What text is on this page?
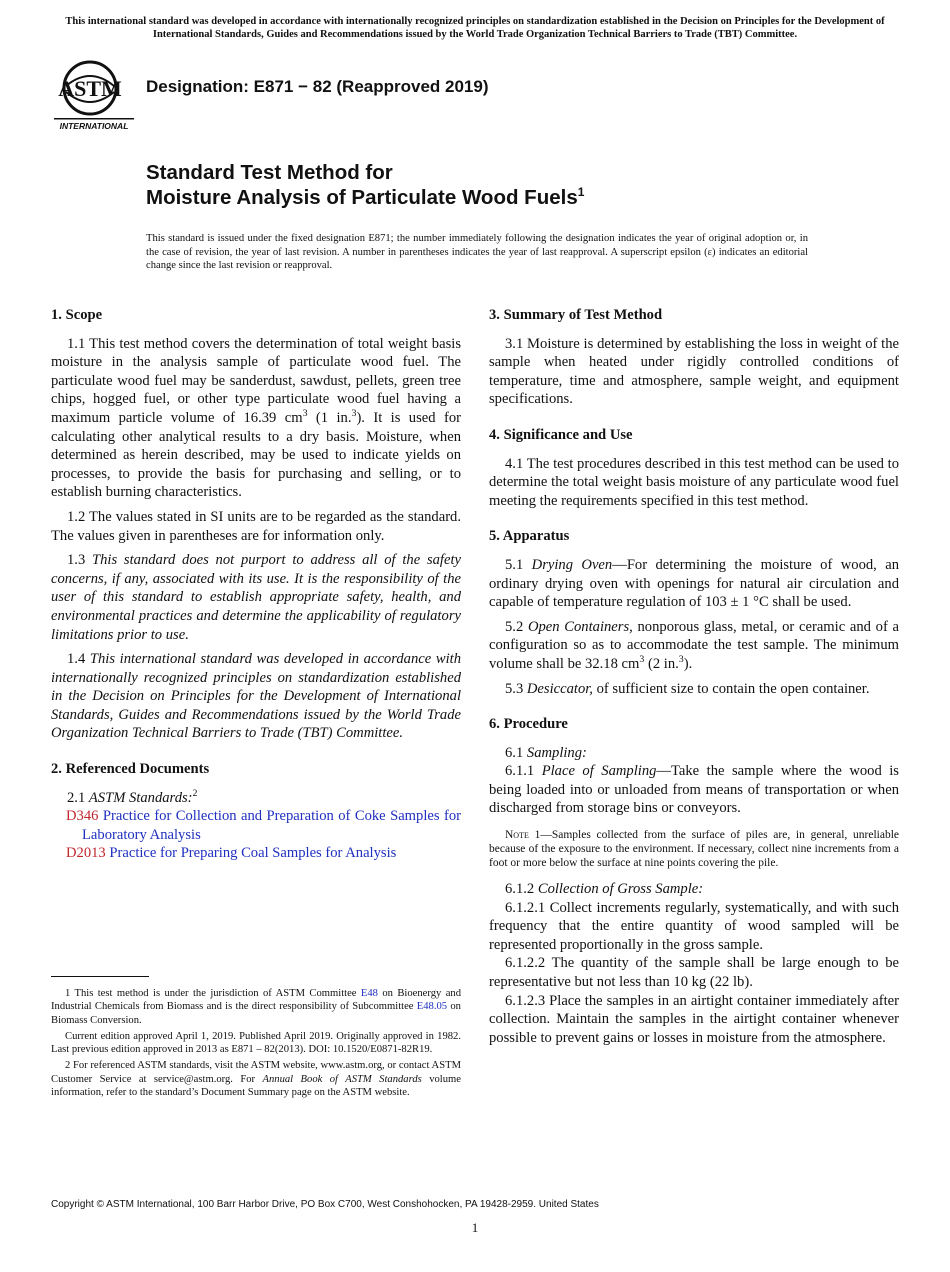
This international standard was developed in accordance with internationally recognized principles on standardization established in the Decision on Principles for the Development of International Standards, Guides and Recommendations issued by the World Trade Organization Technical Barriers to Trade (TBT) Committee.
ASTM
INTERNATIONAL
Designation: E871 − 82 (Reapproved 2019)
Standard Test Method for
Moisture Analysis of Particulate Wood Fuels$^1$
This standard is issued under the fixed designation E871; the number immediately following the designation indicates the year of original adoption or, in the case of revision, the year of last revision. A number in parentheses indicates the year of last reapproval. A superscript epsilon (ε) indicates an editorial change since the last revision or reapproval.
1. Scope

1.1 This test method covers the determination of total weight basis moisture in the analysis sample of particulate wood fuel. The particulate wood fuel may be sanderdust, sawdust, pellets, green tree chips, hogged fuel, or other type particulate wood fuel having a maximum particle volume of 16.39 $cm^3$ (1 in.$^3$). It is used for calculating other analytical results to a dry basis. Moisture, when determined as herein described, may be used to indicate yields on processes, to provide the basis for purchasing and selling, or to establish burning characteristics.

1.2 The values stated in SI units are to be regarded as the standard. The values given in parentheses are for information only.

1.3 This standard does not purport to address all of the safety concerns, if any, associated with its use. It is the responsibility of the user of this standard to establish appropriate safety, health, and environmental practices and determine the applicability of regulatory limitations prior to use.

1.4 This international standard was developed in accordance with internationally recognized principles on standardization established in the Decision on Principles for the Development of International Standards, Guides and Recommendations issued by the World Trade Organization Technical Barriers to Trade (TBT) Committee.

2. Referenced Documents

2.1 ASTM Standards:$^2$

D346 Practice for Collection and Preparation of Coke Samples for Laboratory Analysis

D2013 Practice for Preparing Coal Samples for Analysis

1 This test method is under the jurisdiction of ASTM Committee E48 on Bioenergy and Industrial Chemicals from Biomass and is the direct responsibility of Subcommittee E48.05 on Biomass Conversion.

Current edition approved April 1, 2019. Published April 2019. Originally approved in 1982. Last previous edition approved in 2013 as E871 – 82(2013). DOI: 10.1520/E0871-82R19.

2 For referenced ASTM standards, visit the ASTM website, www.astm.org, or contact ASTM Customer Service at service@astm.org. For Annual Book of ASTM Standards volume information, refer to the standard’s Document Summary page on the ASTM website.

3. Summary of Test Method

3.1 Moisture is determined by establishing the loss in weight of the sample when heated under rigidly controlled conditions of temperature, time and atmosphere, sample weight, and equipment specifications.

4. Significance and Use

4.1 The test procedures described in this test method can be used to determine the total weight basis moisture of any particulate wood fuel meeting the requirements specified in this test method.

5. Apparatus

5.1 Drying Oven—For determining the moisture of wood, an ordinary drying oven with openings for natural air circulation and capable of temperature regulation of 103 ± 1 °C shall be used.

5.2 Open Containers, nonporous glass, metal, or ceramic and of a configuration so as to accommodate the test sample. The minimum volume shall be 32.18 $cm^3$ (2 in.$^3$).

5.3 Desiccator, of sufficient size to contain the open container.

6. Procedure

6.1 Sampling:

6.1.1 Place of Sampling—Take the sample where the wood is being loaded into or unloaded from means of transportation or when discharged from storage bins or conveyors.

Note 1—Samples collected from the surface of piles are, in general, unreliable because of the exposure to the environment. If necessary, collect nine increments from a foot or more below the surface at nine points covering the pile.

6.1.2 Collection of Gross Sample:

6.1.2.1 Collect increments regularly, systematically, and with such frequency that the entire quantity of wood sampled will be represented proportionally in the gross sample.

6.1.2.2 The quantity of the sample shall be large enough to be representative but not less than 10 kg (22 lb).

6.1.2.3 Place the samples in an airtight container immediately after collection. Maintain the samples in the airtight container whenever possible to prevent gains or losses in moisture from the atmosphere.

Copyright © ASTM International, 100 Barr Harbor Drive, PO Box C700, West Conshohocken, PA 19428-2959. United States
1
